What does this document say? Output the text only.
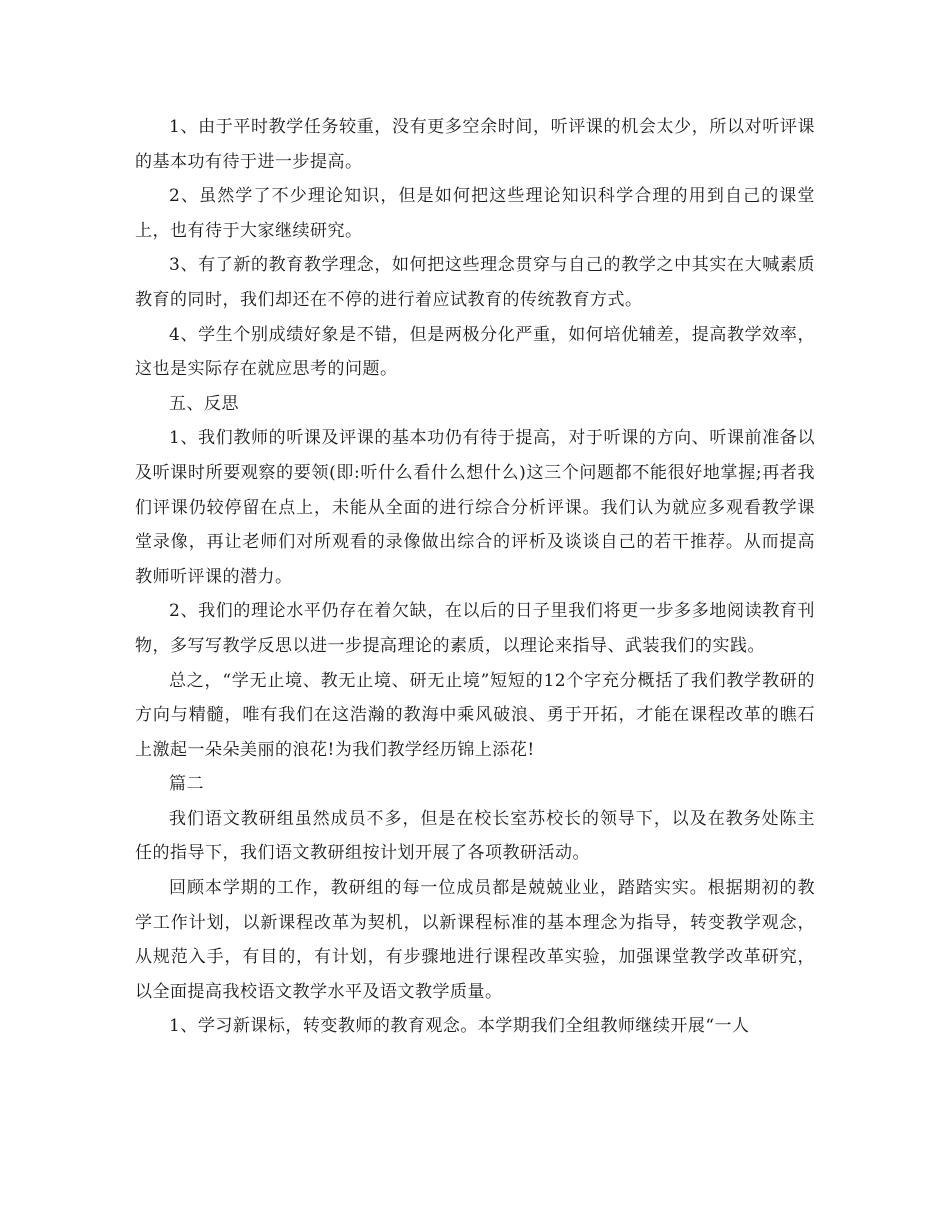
1、由于平时教学任务较重，没有更多空余时间，听评课的机会太少，所以对听评课的基本功有待于进一步提高。

2、虽然学了不少理论知识，但是如何把这些理论知识科学合理的用到自己的课堂上，也有待于大家继续研究。

3、有了新的教育教学理念，如何把这些理念贯穿与自己的教学之中其实在大喊素质教育的同时，我们却还在不停的进行着应试教育的传统教育方式。

4、学生个别成绩好象是不错，但是两极分化严重，如何培优辅差，提高教学效率，这也是实际存在就应思考的问题。

五、反思

1、我们教师的听课及评课的基本功仍有待于提高，对于听课的方向、听课前准备以及听课时所要观察的要领(即:听什么看什么想什么)这三个问题都不能很好地掌握;再者我们评课仍较停留在点上，未能从全面的进行综合分析评课。我们认为就应多观看教学课堂录像，再让老师们对所观看的录像做出综合的评析及谈谈自己的若干推荐。从而提高教师听评课的潜力。

2、我们的理论水平仍存在着欠缺，在以后的日子里我们将更一步多多地阅读教育刊物，多写写教学反思以进一步提高理论的素质，以理论来指导、武装我们的实践。

总之，“学无止境、教无止境、研无止境”短短的12个字充分概括了我们教学教研的方向与精髓，唯有我们在这浩瀚的教海中乘风破浪、勇于开拓，才能在课程改革的瞧石上激起一朵朵美丽的浪花!为我们教学经历锦上添花!

篇二

我们语文教研组虽然成员不多，但是在校长室苏校长的领导下，以及在教务处陈主任的指导下，我们语文教研组按计划开展了各项教研活动。

回顾本学期的工作，教研组的每一位成员都是兢兢业业，踏踏实实。根据期初的教学工作计划，以新课程改革为契机，以新课程标准的基本理念为指导，转变教学观念，从规范入手，有目的，有计划，有步骤地进行课程改革实验，加强课堂教学改革研究，以全面提高我校语文教学水平及语文教学质量。

1、学习新课标，转变教师的教育观念。本学期我们全组教师继续开展“一人
